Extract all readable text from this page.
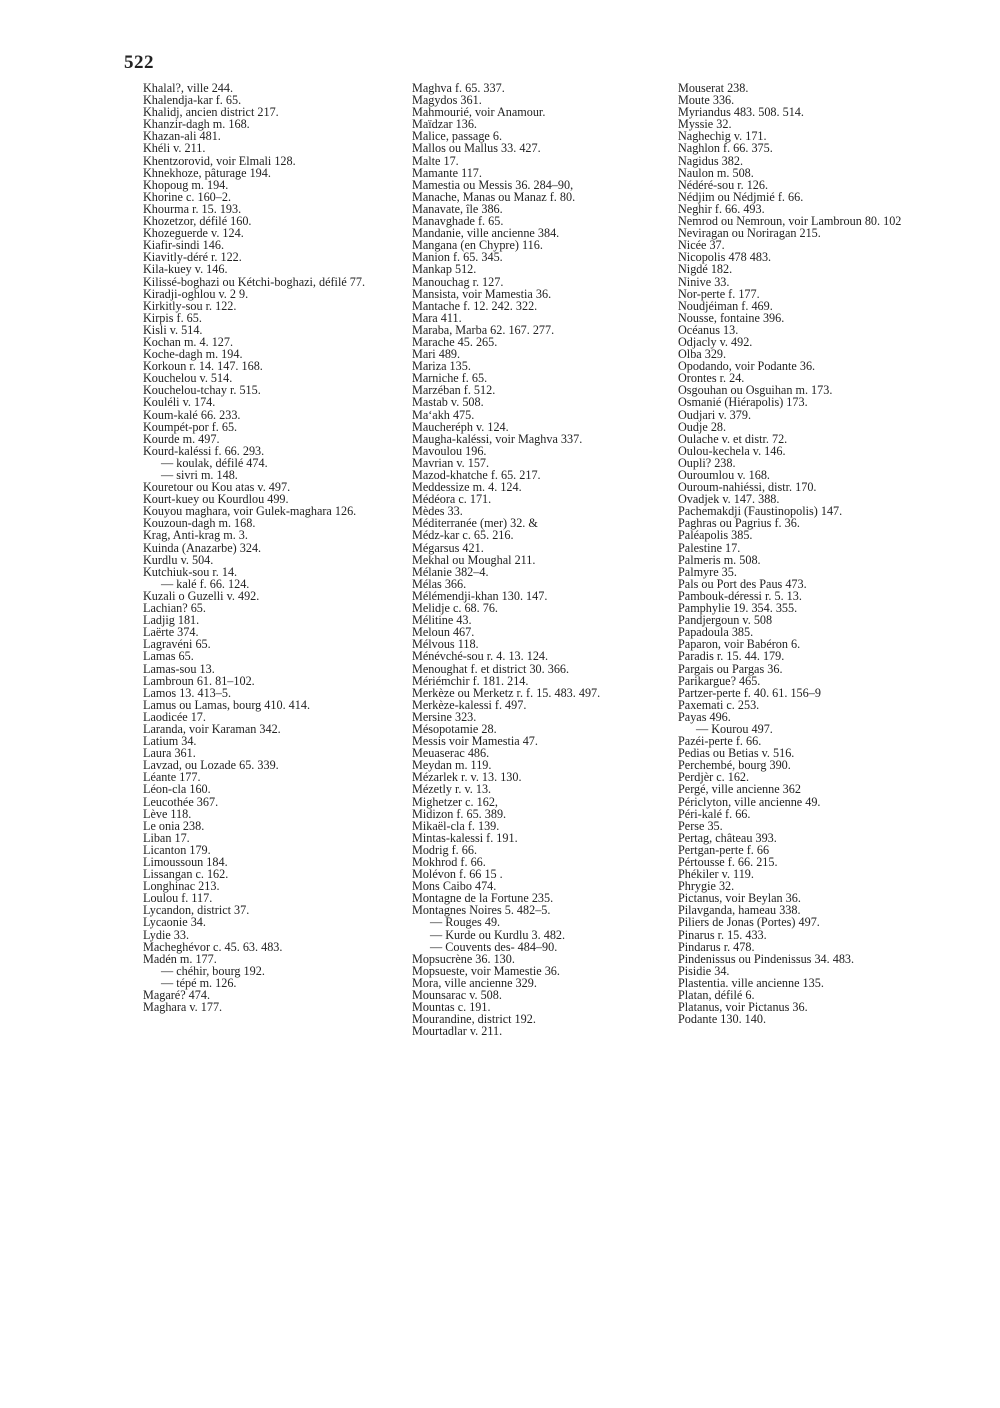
522

Khalal?, ville 244.

Khalendja-kar f. 65.

Khalidj, ancien district 217.

Khanzir-dagh m. 168.

Khazan-ali 481.

Khéli v. 211.

Khentzorovid, voir Elmali 128.

Khnekhoze, pâturage 194.

Khopoug m. 194.

Khorine c. 160–2.

Khourma r. 15. 193.

Khozetzor, défilé 160.

Khozeguerde v. 124.

Kiafir-sindi 146.

Kiavitly-déré r. 122.

Kila-kuey v. 146.

Kilissé-boghazi ou Kétchi-boghazi, défilé 77.

Kiradji-oghlou v. 2 9.

Kirkitly-sou r. 122.

Kirpis f. 65.

Kisli v. 514.

Kochan m. 4. 127.

Koche-dagh m. 194.

Korkoun r. 14. 147. 168.

Kouchelou v. 514.

Kouchelou-tchay r. 515.

Kouléli v. 174.

Koum-kalé 66. 233.

Koumpét-por f. 65.

Kourde m. 497.

Kourd-kaléssi f. 66. 293.

— koulak, défilé 474.

— sivri m. 148.

Kouretour ou Kou atas v. 497.

Kourt-kuey ou Kourdlou 499.

Kouyou maghara, voir Gulek-maghara 126.

Kouzoun-dagh m. 168.

Krag, Anti-krag m. 3.

Kuinda (Anazarbe) 324.

Kurdlu v. 504.

Kutchiuk-sou r. 14.

— kalé f. 66. 124.

Kuzali o Guzelli v. 492.

Lachian? 65.

Ladjig 181.

Laërte 374.

Lagravéni 65.

Lamas 65.

Lamas-sou 13.

Lambroun 61. 81–102.

Lamos 13. 413–5.

Lamus ou Lamas, bourg 410. 414.

Laodicée 17.

Laranda, voir Karaman 342.

Latium 34.

Laura 361.

Lavzad, ou Lozade 65. 339.

Léante 177.

Léon-cla 160.

Leucothée 367.

Lève 118.

Le onia 238.

Liban 17.

Licanton 179.

Limoussoun 184.

Lissangan c. 162.

Longhinac 213.

Loulou f. 117.

Lycandon, district 37.

Lycaonie 34.

Lydie 33.

Macheghévor c. 45. 63. 483.

Madén m. 177.

— chéhir, bourg 192.

— tépé m. 126.

Magaré? 474.

Maghara v. 177.

Maghva f. 65. 337.

Magydos 361.

Mahmourié, voir Anamour.

Maïdzar 136.

Malice, passage 6.

Mallos ou Mallus 33. 427.

Malte 17.

Mamante 117.

Mamestia ou Messis 36. 284–90,

Manache, Manas ou Manaz f. 80.

Manavate, île 386.

Manavghade f. 65.

Mandanie, ville ancienne 384.

Mangana (en Chypre) 116.

Manion f. 65. 345.

Mankap 512.

Manouchag r. 127.

Mansista, voir Mamestia 36.

Mantache f. 12. 242. 322.

Mara 411.

Maraba, Marba 62. 167. 277.

Marache 45. 265.

Mari 489.

Mariza 135.

Marniche f. 65.

Marzéban f. 512.

Mastab v. 508.

Ma‘akh 475.

Maucheréph v. 124.

Maugha-kaléssi, voir Maghva 337.

Mavoulou 196.

Mavrian v. 157.

Mazod-khatche f. 65. 217.

Meddessize m. 4. 124.

Médéora c. 171.

Mèdes 33.

Méditerranée (mer) 32. &

Médz-kar c. 65. 216.

Mégarsus 421.

Mekhal ou Moughal 211.

Mélanie 382–4.

Mélas 366.

Mélémendji-khan 130. 147.

Melidje c. 68. 76.

Mélitine 43.

Meloun 467.

Mélvous 118.

Ménévché-sou r. 4. 13. 124.

Menoughat f. et district 30. 366.

Mériémchir f. 181. 214.

Merkèze ou Merketz r. f. 15. 483. 497.

Merkèze-kalessi f. 497.

Mersine 323.

Mésopotamie 28.

Messis voir Mamestia 47.

Meuaserac 486.

Meydan m. 119.

Mézarlek r. v. 13. 130.

Mézetly r. v. 13.

Mighetzer c. 162,

Midizon f. 65. 389.

Mikaël-cla f. 139.

Mintas-kalessi f. 191.

Modrig f. 66.

Mokhrod f. 66.

Molévon f. 66 15 .

Mons Caibo 474.

Montagne de la Fortune 235.

Montagnes Noires 5. 482–5.

— Rouges 49.

— Kurde ou Kurdlu 3. 482.

— Couvents des- 484–90.

Mopsucrène 36. 130.

Mopsueste, voir Mamestie 36.

Mora, ville ancienne 329.

Mounsarac v. 508.

Mountas c. 191.

Mourandine, district 192.

Mourtadlar v. 211.

Mouserat 238.

Moute 336.

Myriandus 483. 508. 514.

Myssie 32.

Naghechig v. 171.

Naghlon f. 66. 375.

Nagidus 382.

Naulon m. 508.

Nédéré-sou r. 126.

Nédjim ou Nédjmié f. 66.

Neghir f. 66. 493.

Nemrod ou Nemroun, voir Lambroun 80. 102

Neviragan ou Noriragan 215.

Nicée 37.

Nicopolis 478 483.

Nigdé 182.

Ninive 33.

Nor-perte f. 177.

Noudjéiman f. 469.

Nousse, fontaine 396.

Océanus 13.

Odjacly v. 492.

Olba 329.

Opodando, voir Podante 36.

Orontes r. 24.

Osgouhan ou Osguihan m. 173.

Osmanié (Hiérapolis) 173.

Oudjari v. 379.

Oudje 28.

Oulache v. et distr. 72.

Oulou-kechela v. 146.

Oupli? 238.

Ouroumlou v. 168.

Ouroum-nahiéssi, distr. 170.

Ovadjek v. 147. 388.

Pachemakdji (Faustinopolis) 147.

Paghras ou Pagrius f. 36.

Paléapolis 385.

Palestine 17.

Palmeris m. 508.

Palmyre 35.

Pals ou Port des Paus 473.

Pambouk-déressi r. 5. 13.

Pamphylie 19. 354. 355.

Pandjergoun v. 508

Papadoula 385.

Paparon, voir Babéron 6.

Paradis r. 15. 44. 179.

Pargais ou Pargas 36.

Parikargue? 465.

Partzer-perte f. 40. 61. 156–9

Paxemati c. 253.

Payas 496.

— Kourou 497.

Pazéi-perte f. 66.

Pedias ou Betias v. 516.

Perchembé, bourg 390.

Perdjèr c. 162.

Pergé, ville ancienne 362

Périclyton, ville ancienne 49.

Péri-kalé f. 66.

Perse 35.

Pertag, château 393.

Pertgan-perte f. 66

Pértousse f. 66. 215.

Phékiler v. 119.

Phrygie 32.

Pictanus, voir Beylan 36.

Pilavganda, hameau 338.

Piliers de Jonas (Portes) 497.

Pinarus r. 15. 433.

Pindarus r. 478.

Pindenissus ou Pindenissus 34. 483.

Pisidie 34.

Plastentia. ville ancienne 135.

Platan, défilé 6.

Platanus, voir Pictanus 36.

Podante 130. 140.
